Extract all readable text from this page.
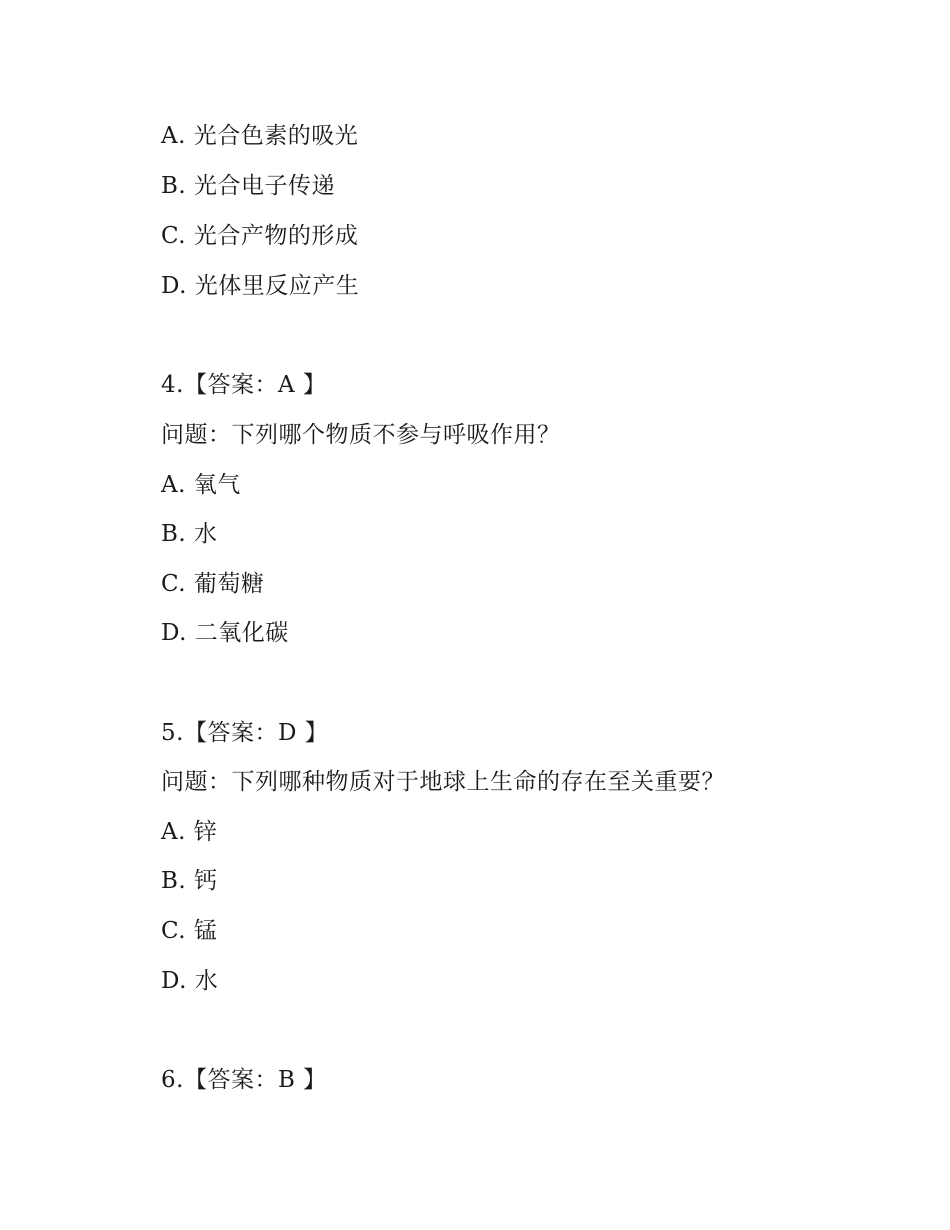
A. 光合色素的吸光
B. 光合电子传递
C. 光合产物的形成
D. 光体里反应产生
4.【答案：A 】
问题：下列哪个物质不参与呼吸作用？
A. 氧气
B. 水
C. 葡萄糖
D. 二氧化碳
5.【答案：D 】
问题：下列哪种物质对于地球上生命的存在至关重要？
A. 锌
B. 钙
C. 锰
D. 水
6.【答案：B 】
